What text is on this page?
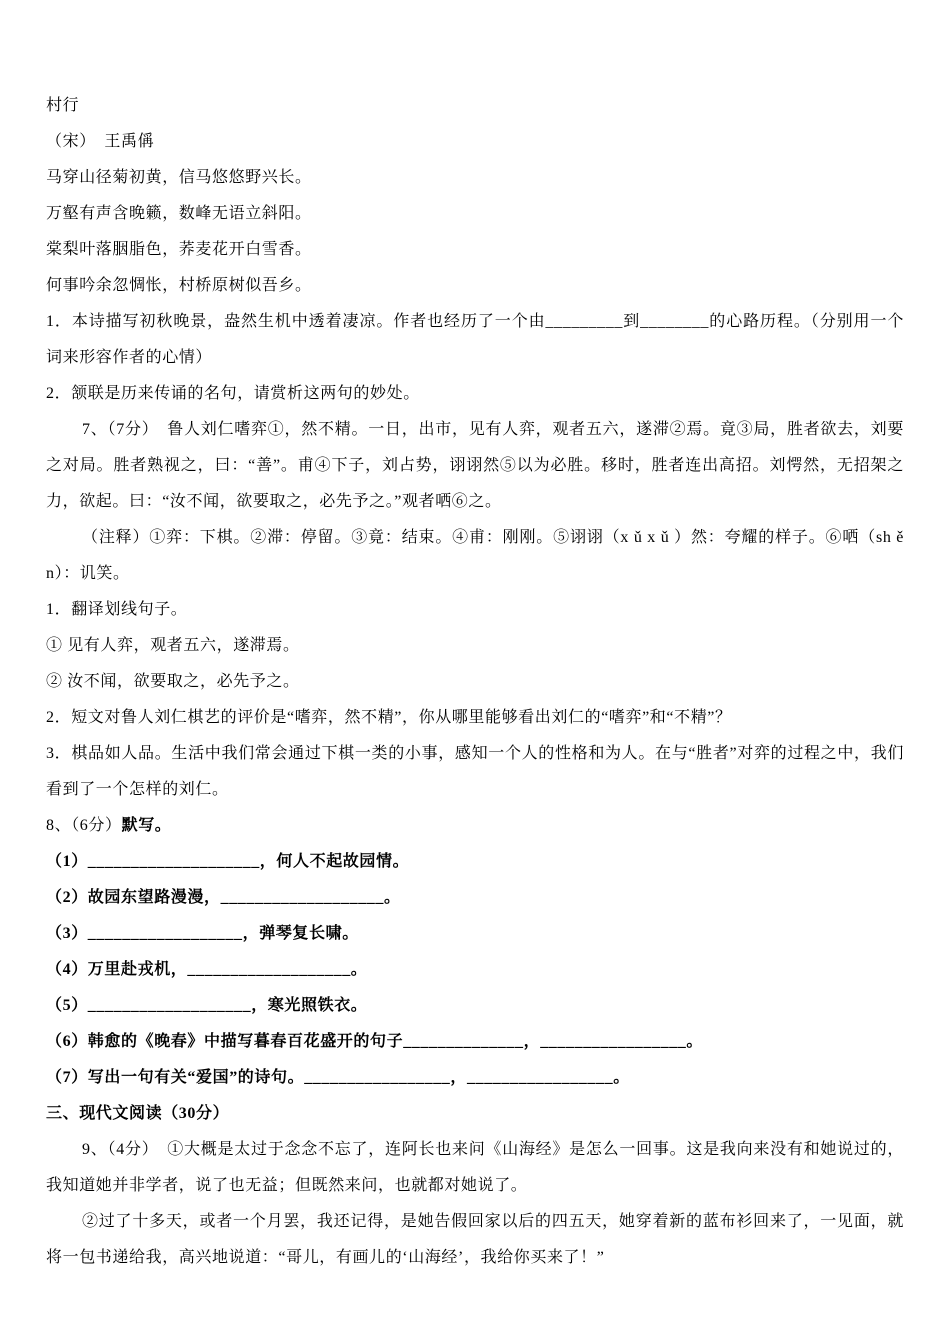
村行

（宋）　王禹偁

马穿山径菊初黄，信马悠悠野兴长。

万壑有声含晚籁，数峰无语立斜阳。

棠梨叶落胭脂色，荞麦花开白雪香。

何事吟余忽惆怅，村桥原树似吾乡。

1．本诗描写初秋晚景，盎然生机中透着凄凉。作者也经历了一个由_________到________的心路历程。（分别用一个词来形容作者的心情）

2．颔联是历来传诵的名句，请赏析这两句的妙处。

7、（7分）　鲁人刘仁嗜弈①，然不精。一日，出市，见有人弈，观者五六，遂滞②焉。竟③局，胜者欲去，刘要之对局。胜者熟视之，曰：“善”。甫④下子，刘占势，诩诩然⑤以为必胜。移时，胜者连出高招。刘愕然，无招架之力，欲起。曰：“汝不闻，欲要取之，必先予之。”观者哂⑥之。

（注释）①弈：下棋。②滞：停留。③竟：结束。④甫：刚刚。⑤诩诩（x ǔ x ǔ ）然：夸耀的样子。⑥哂（sh ě n）：讥笑。

1．翻译划线句子。

① 见有人弈，观者五六，遂滞焉。

② 汝不闻，欲要取之，必先予之。

2．短文对鲁人刘仁棋艺的评价是“嗜弈，然不精”，你从哪里能够看出刘仁的“嗜弈”和“不精”？

3．棋品如人品。生活中我们常会通过下棋一类的小事，感知一个人的性格和为人。在与“胜者”对弈的过程之中，我们看到了一个怎样的刘仁。

8、（6分）默写。

（1）____________________，何人不起故园情。

（2）故园东望路漫漫，___________________。

（3）__________________，弹琴复长啸。

（4）万里赴戎机，___________________。

（5）___________________，寒光照铁衣。

（6）韩愈的《晚春》中描写暮春百花盛开的句子______________，_________________。

（7）写出一句有关“爱国”的诗句。_________________，_________________。

三、现代文阅读（30分）

9、（4分）　①大概是太过于念念不忘了，连阿长也来问《山海经》是怎么一回事。这是我向来没有和她说过的，我知道她并非学者，说了也无益；但既然来问，也就都对她说了。

②过了十多天，或者一个月罢，我还记得，是她告假回家以后的四五天，她穿着新的蓝布衫回来了，一见面，就将一包书递给我，高兴地说道：“哥儿，有画儿的‘山海经’，我给你买来了！”
